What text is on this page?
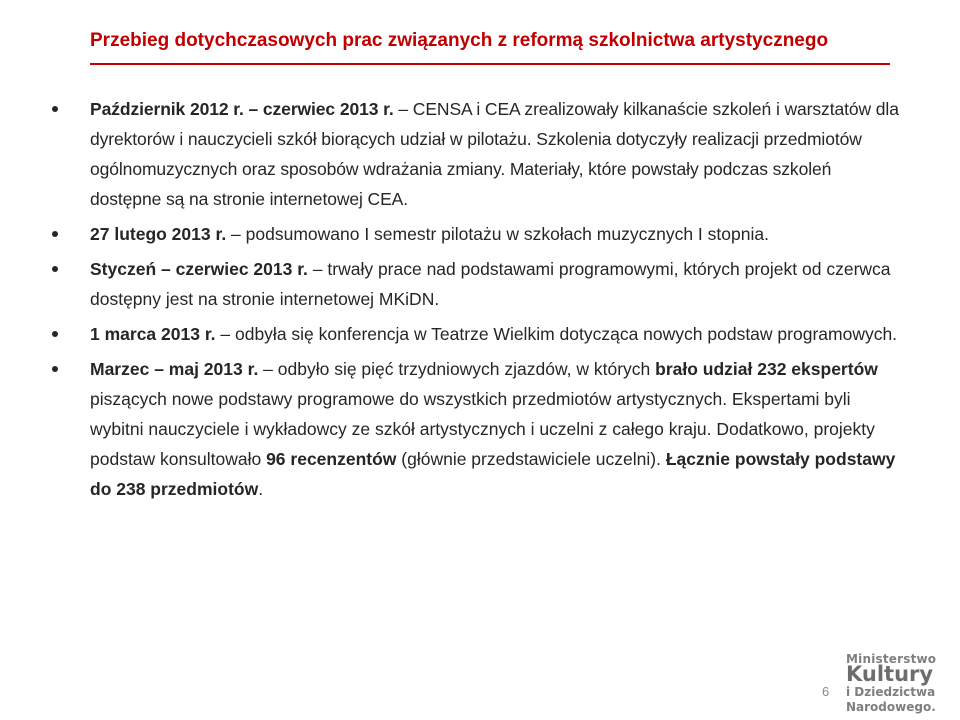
Przebieg dotychczasowych prac związanych z reformą szkolnictwa artystycznego
Październik 2012 r. – czerwiec 2013 r. – CENSA i CEA zrealizowały kilkanaście szkoleń i warsztatów dla dyrektorów i nauczycieli szkół biorących udział w pilotażu. Szkolenia dotyczyły realizacji przedmiotów ogólnomuzycznych oraz sposobów wdrażania zmiany. Materiały, które powstały podczas szkoleń dostępne są na stronie internetowej CEA.
27 lutego 2013 r. – podsumowano I semestr pilotażu w szkołach muzycznych I stopnia.
Styczeń – czerwiec 2013 r. – trwały prace nad podstawami programowymi, których projekt od czerwca dostępny jest na stronie internetowej MKiDN.
1 marca 2013 r. – odbyła się konferencja w Teatrze Wielkim dotycząca nowych podstaw programowych.
Marzec – maj 2013 r. – odbyło się pięć trzydniowych zjazdów, w których brało udział 232 ekspertów piszących nowe podstawy programowe do wszystkich przedmiotów artystycznych. Ekspertami byli wybitni nauczyciele i wykładowcy ze szkół artystycznych i uczelni z całego kraju. Dodatkowo, projekty podstaw konsultowało 96 recenzentów (głównie przedstawiciele uczelni). Łącznie powstały podstawy do 238 przedmiotów.
6
Ministerstwo
Kultury
i Dziedzictwa
Narodowego.
